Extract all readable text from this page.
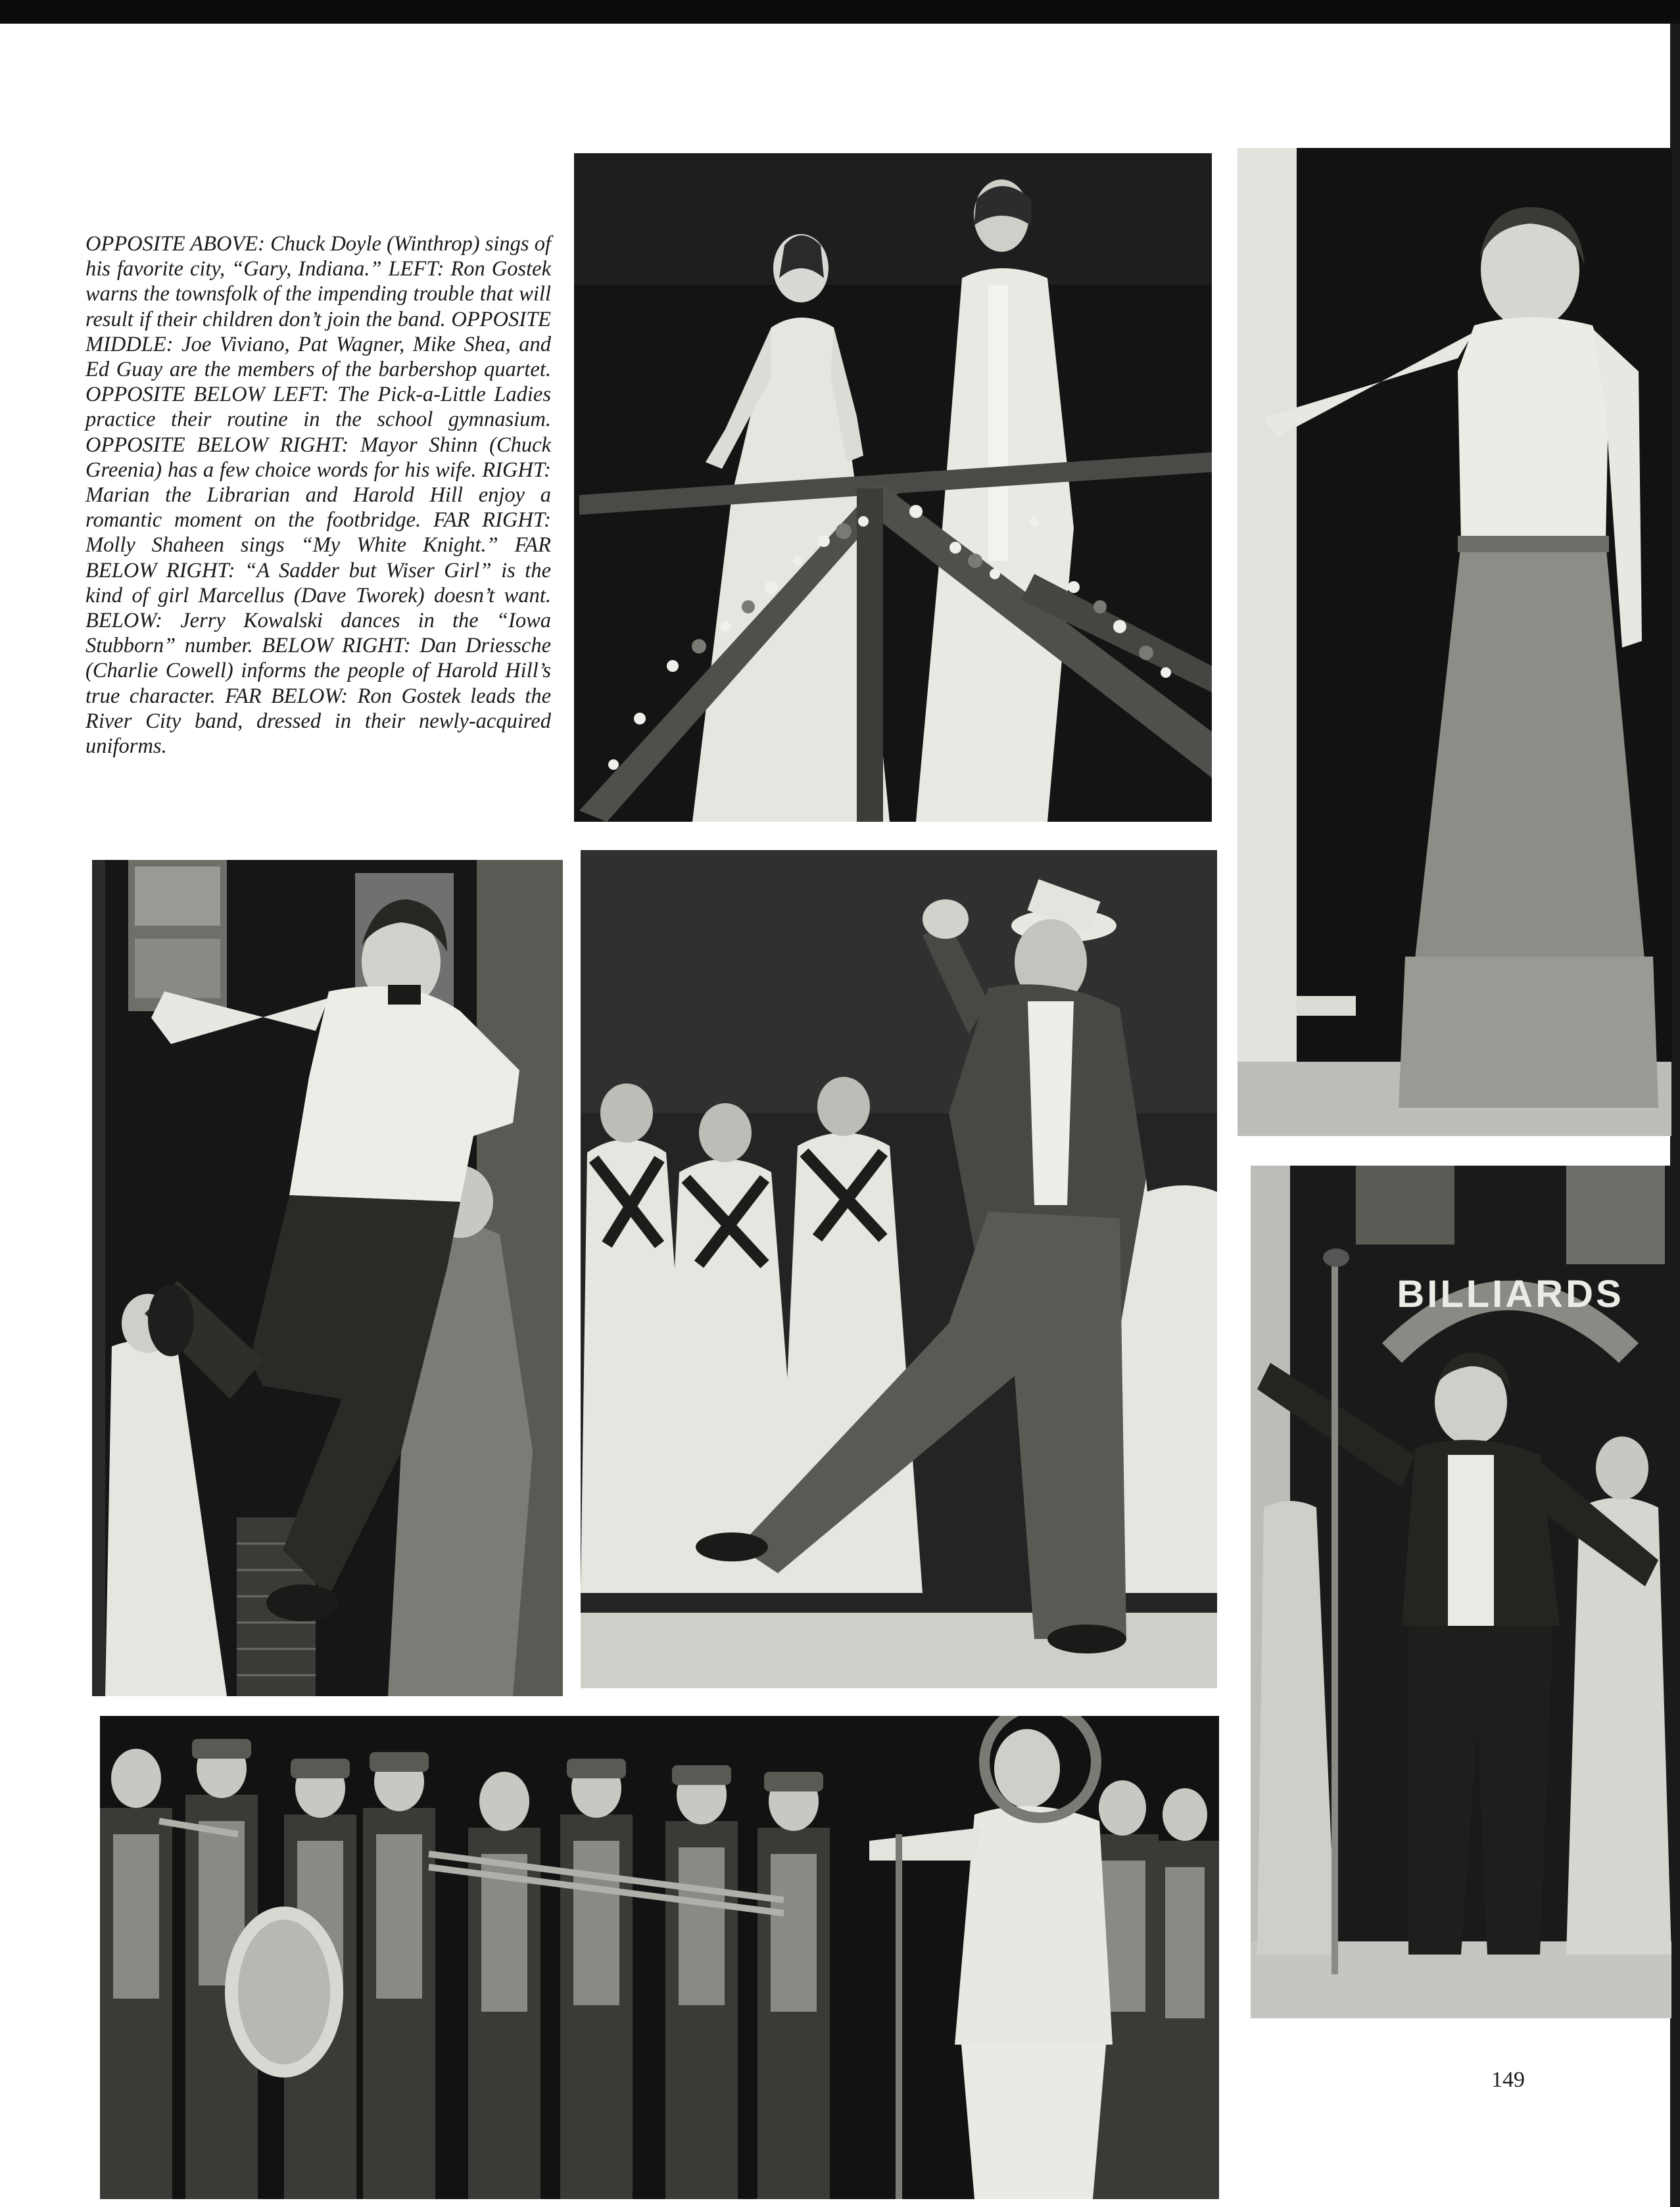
OPPOSITE ABOVE: Chuck Doyle (Winthrop) sings of his favorite city, “Gary, Indiana.” LEFT: Ron Gostek warns the townsfolk of the impending trouble that will result if their children don’t join the band. OPPOSITE MIDDLE: Joe Viviano, Pat Wagner, Mike Shea, and Ed Guay are the members of the barbershop quartet. OPPOSITE BELOW LEFT: The Pick-a-Little Ladies practice their routine in the school gymnasium. OPPOSITE BELOW RIGHT: Mayor Shinn (Chuck Greenia) has a few choice words for his wife. RIGHT: Marian the Librarian and Harold Hill enjoy a romantic moment on the footbridge. FAR RIGHT: Molly Shaheen sings “My White Knight.” FAR BELOW RIGHT: “A Sadder but Wiser Girl” is the kind of girl Marcellus (Dave Tworek) doesn’t want. BELOW: Jerry Kowalski dances in the “Iowa Stubborn” number. BELOW RIGHT: Dan Driessche (Charlie Cowell) informs the people of Harold Hill’s true character. FAR BELOW: Ron Gostek leads the River City band, dressed in their newly-acquired uniforms.

BILLIARDS
149
